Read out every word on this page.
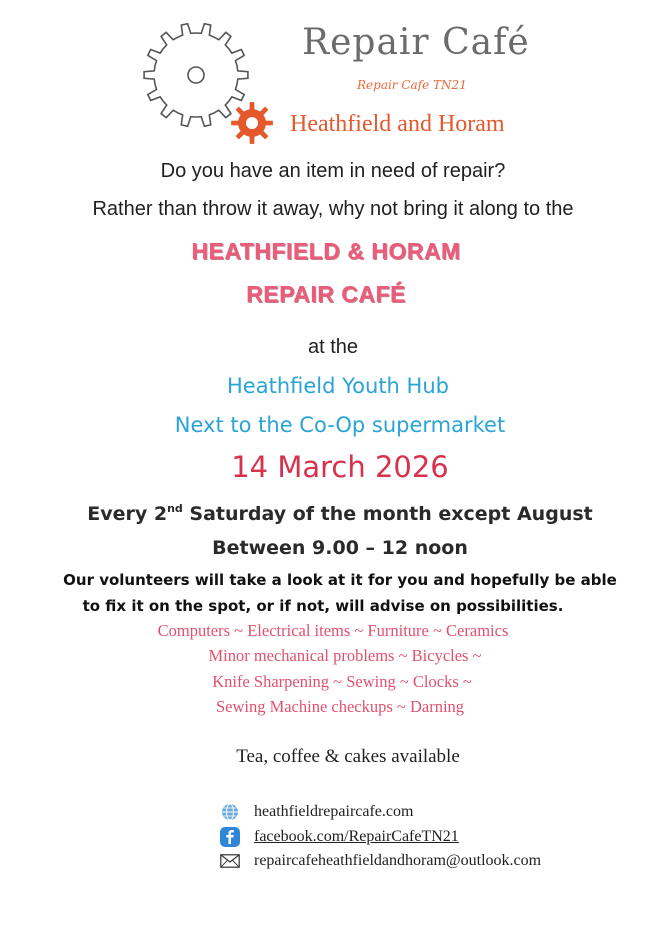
Repair Café
Repair Cafe TN21
Heathfield and Horam
Do you have an item in need of repair?
Rather than throw it away, why not bring it along to the
HEATHFIELD & HORAM
REPAIR CAFÉ
at the
Heathfield Youth Hub
Next to the Co-Op supermarket
14 March 2026
Every 2nd Saturday of the month except August
Between 9.00 – 12 noon
Our volunteers will take a look at it for you and hopefully be able
to fix it on the spot, or if not, will advise on possibilities.
Computers ~ Electrical items ~ Furniture ~ Ceramics
Minor mechanical problems ~ Bicycles ~
Knife Sharpening ~ Sewing ~ Clocks ~
Sewing Machine checkups ~ Darning
Tea, coffee & cakes available
heathfieldrepaircafe.com
facebook.com/RepairCafeTN21
repaircafeheathfieldandhoram@outlook.com
